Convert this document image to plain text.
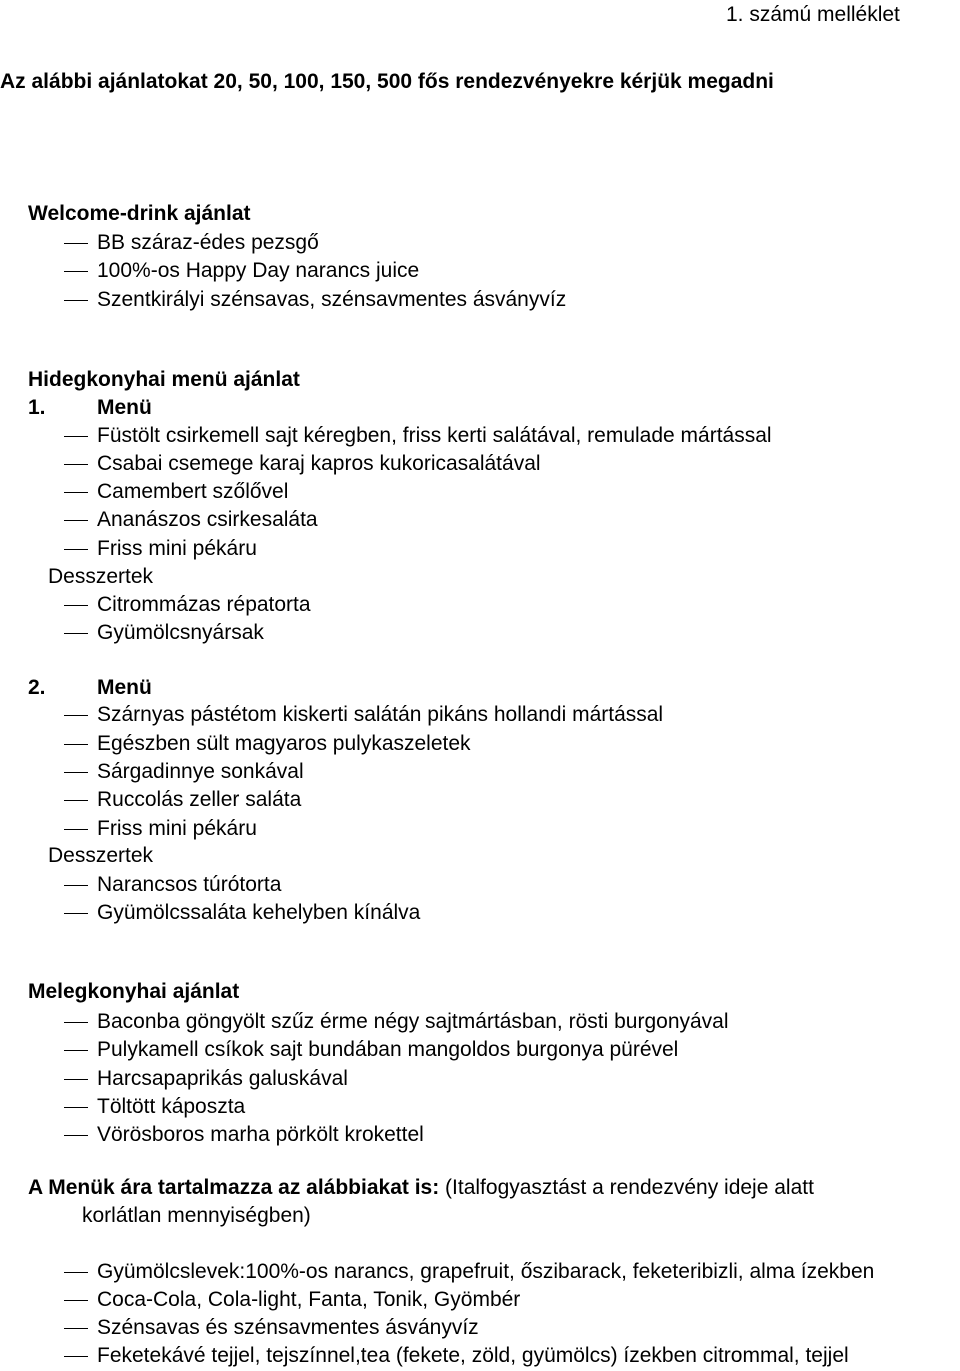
1. számú melléklet
Az alábbi ajánlatokat 20, 50, 100, 150, 500 fős rendezvényekre kérjük megadni
Welcome-drink ajánlat
BB száraz-édes pezsgő
100%-os Happy Day narancs juice
Szentkirályi szénsavas, szénsavmentes ásványvíz
Hidegkonyhai menü ajánlat
1. Menü
Füstölt csirkemell sajt kéregben, friss kerti salátával, remulade mártással
Csabai csemege karaj kapros kukoricasalátával
Camembert szőlővel
Ananászos csirkesaláta
Friss mini pékáru
Desszertek
Citrommázas répatorta
Gyümölcsnyársak
2. Menü
Szárnyas pástétom kiskerti salátán pikáns hollandi mártással
Egészben sült magyaros pulykaszeletek
Sárgadinnye sonkával
Ruccolás zeller saláta
Friss mini pékáru
Desszertek
Narancsos túrótorta
Gyümölcssaláta kehelyben kínálva
Melegkonyhai ajánlat
Baconba göngyölt szűz érme négy sajtmártásban, rösti burgonyával
Pulykamell csíkok sajt bundában mangoldos burgonya pürével
Harcsapaprikás galuskával
Töltött káposzta
Vörösboros marha pörkölt krokettel
korlátlan mennyiségben)
Gyümölcslevek:100%-os narancs, grapefruit, őszibarack, feketeribizli, alma ízekben
Coca-Cola, Cola-light, Fanta, Tonik, Gyömbér
Szénsavas és szénsavmentes ásványvíz
Feketekávé tejjel, tejszínnel,tea (fekete, zöld, gyümölcs) ízekben citrommal, tejjel
A Menük ára tartalmazza az alábbiakat is: (Italfogyasztást a rendezvény ideje alatt
